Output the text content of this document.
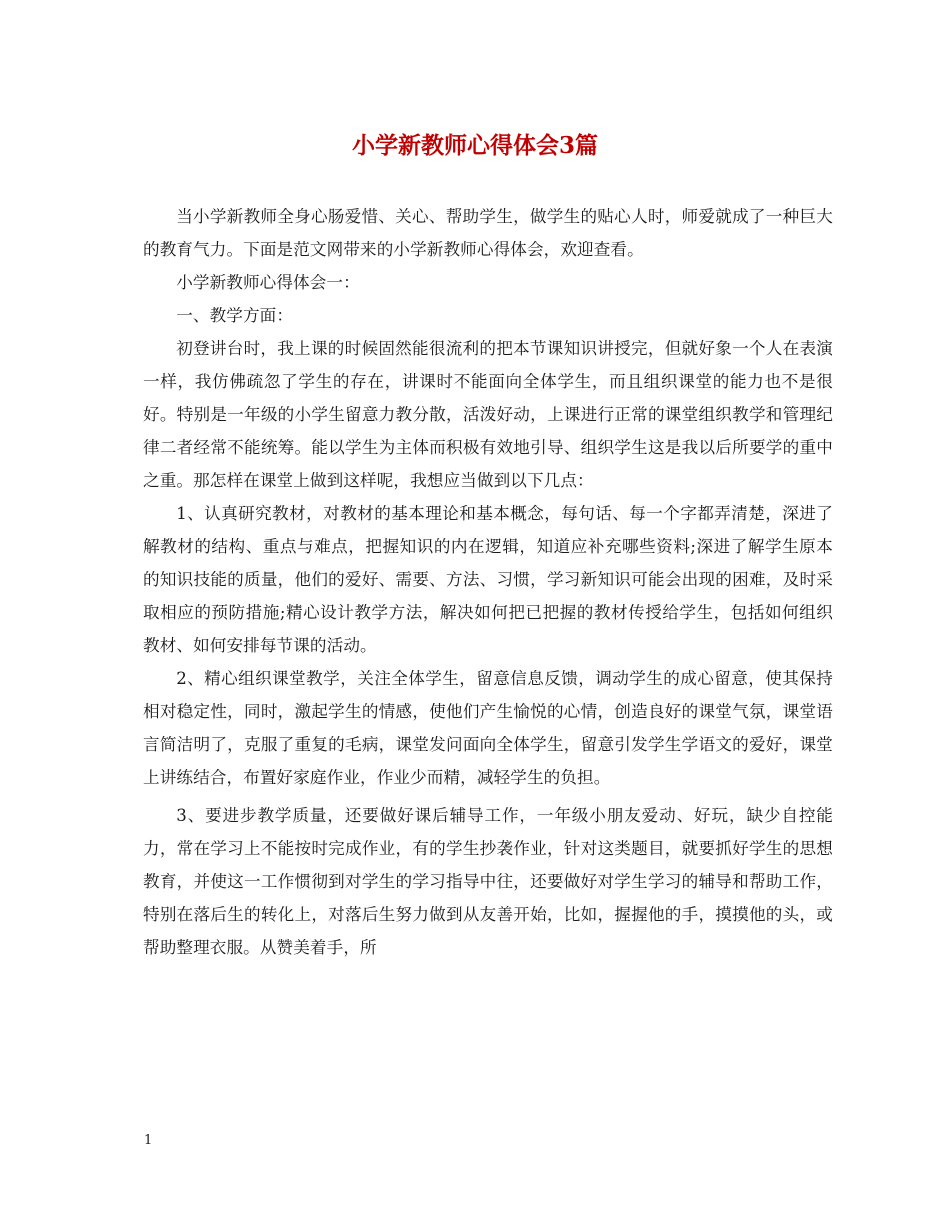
小学新教师心得体会3篇

当小学新教师全身心肠爱惜、关心、帮助学生，做学生的贴心人时，师爱就成了一种巨大的教育气力。下面是范文网带来的小学新教师心得体会，欢迎查看。

小学新教师心得体会一：

一、教学方面：

初登讲台时，我上课的时候固然能很流利的把本节课知识讲授完，但就好象一个人在表演一样，我仿佛疏忽了学生的存在，讲课时不能面向全体学生，而且组织课堂的能力也不是很好。特别是一年级的小学生留意力教分散，活泼好动，上课进行正常的课堂组织教学和管理纪律二者经常不能统筹。能以学生为主体而积极有效地引导、组织学生这是我以后所要学的重中之重。那怎样在课堂上做到这样呢，我想应当做到以下几点：

1、认真研究教材，对教材的基本理论和基本概念，每句话、每一个字都弄清楚，深进了解教材的结构、重点与难点，把握知识的内在逻辑，知道应补充哪些资料;深进了解学生原本的知识技能的质量，他们的爱好、需要、方法、习惯，学习新知识可能会出现的困难，及时采取相应的预防措施;精心设计教学方法，解决如何把已把握的教材传授给学生，包括如何组织教材、如何安排每节课的活动。

2、精心组织课堂教学，关注全体学生，留意信息反馈，调动学生的成心留意，使其保持相对稳定性，同时，激起学生的情感，使他们产生愉悦的心情，创造良好的课堂气氛，课堂语言简洁明了，克服了重复的毛病，课堂发问面向全体学生，留意引发学生学语文的爱好，课堂上讲练结合，布置好家庭作业，作业少而精，减轻学生的负担。

3、要进步教学质量，还要做好课后辅导工作，一年级小朋友爱动、好玩，缺少自控能力，常在学习上不能按时完成作业，有的学生抄袭作业，针对这类题目，就要抓好学生的思想教育，并使这一工作惯彻到对学生的学习指导中往，还要做好对学生学习的辅导和帮助工作，特别在落后生的转化上，对落后生努力做到从友善开始，比如，握握他的手，摸摸他的头，或帮助整理衣服。从赞美着手，所

1
